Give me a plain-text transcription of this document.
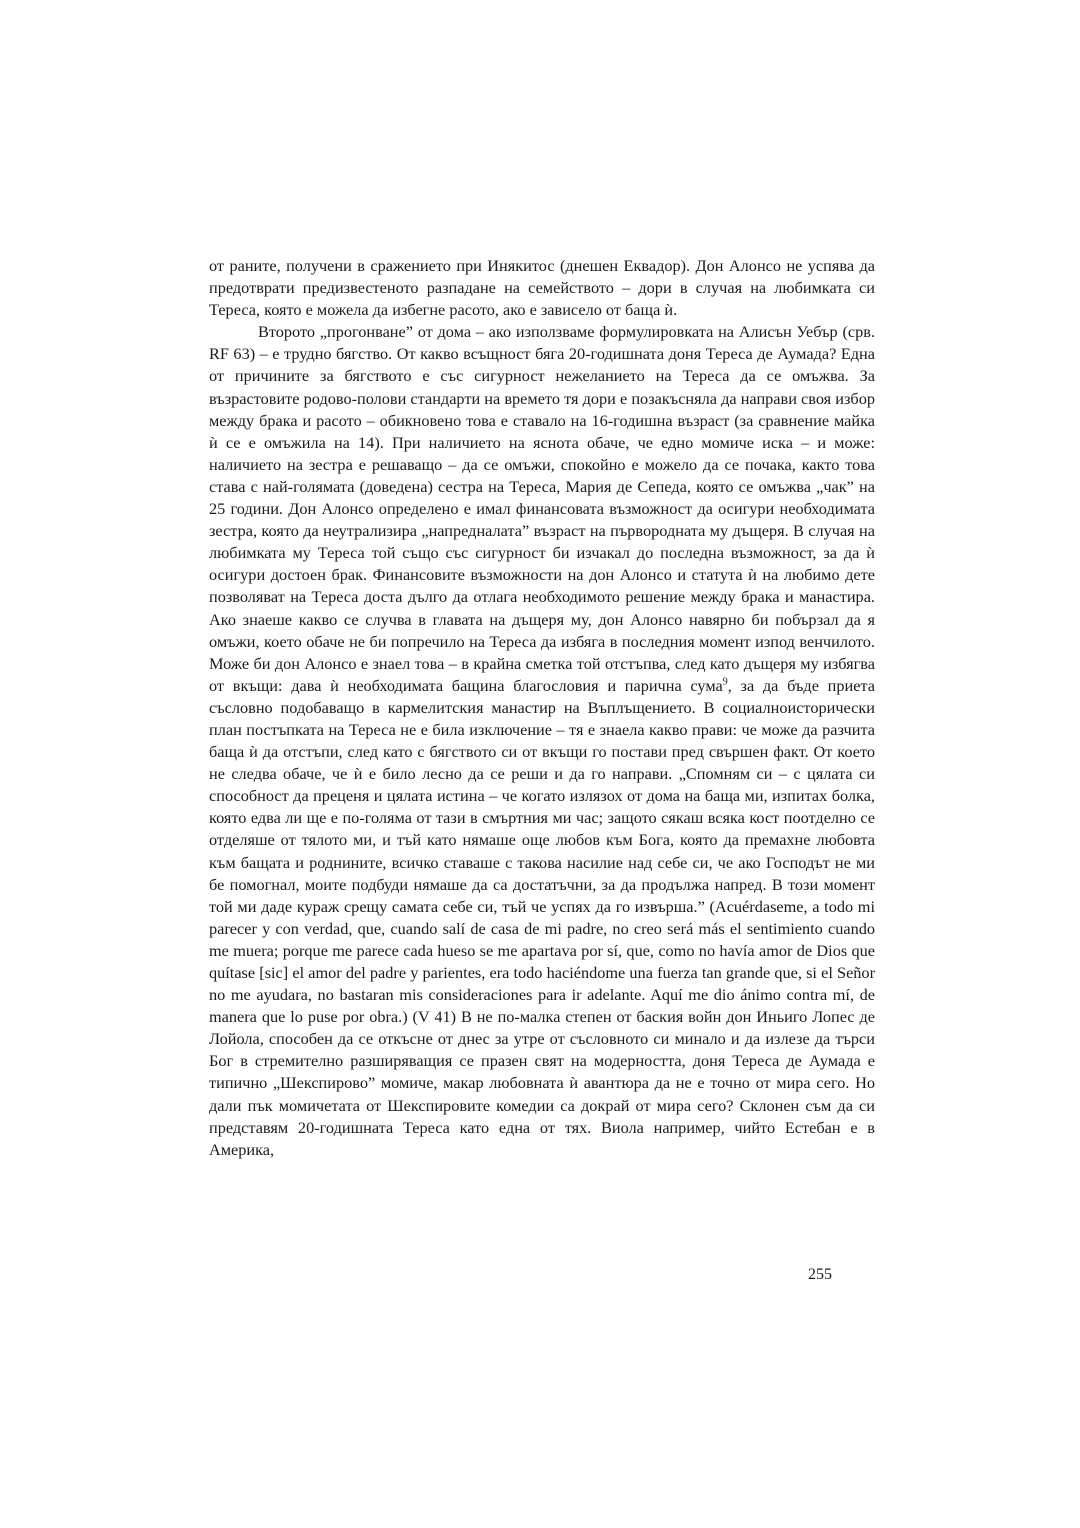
от раните, получени в сражението при Инякитос (днешен Еквадор). Дон Алонсо не успява да предотврати предизвестеното разпадане на семейството – дори в случая на любимката си Тереса, която е можела да избегне расото, ако е зависело от баща ѝ.

Второто „прогонване” от дома – ако използваме формулировката на Алисън Уебър (срв. RF 63) – е трудно бягство. От какво всъщност бяга 20-годишната доня Тереса де Аумада? Една от причините за бягството е със сигурност нежеланието на Тереса да се омъжва. За възрастовите родово-полови стандарти на времето тя дори е позакъсняла да направи своя избор между брака и расото – обикновено това е ставало на 16-годишна възраст (за сравнение майка ѝ се е омъжила на 14). При наличието на яснота обаче, че едно момиче иска – и може: наличието на зестра е решаващо – да се омъжи, спокойно е можело да се почака, както това става с най-голямата (доведена) сестра на Тереса, Мария де Сепеда, която се омъжва „чак” на 25 години. Дон Алонсо определено е имал финансовата възможност да осигури необходимата зестра, която да неутрализира „напредналата” възраст на първородната му дъщеря. В случая на любимката му Тереса той също със сигурност би изчакал до последна възможност, за да ѝ осигури достоен брак. Финансовите възможности на дон Алонсо и статута ѝ на любимо дете позволяват на Тереса доста дълго да отлага необходимото решение между брака и манастира. Ако знаеше какво се случва в главата на дъщеря му, дон Алонсо навярно би побързал да я омъжи, което обаче не би попречило на Тереса да избяга в последния момент изпод венчилото. Може би дон Алонсо е знаел това – в крайна сметка той отстъпва, след като дъщеря му избягва от вкъщи: дава ѝ необходимата бащина благословия и парична сума$^9$, за да бъде приета съсловно подобаващо в кармелитския манастир на Въплъщението. В социалноисторически план постъпката на Тереса не е била изключение – тя е знаела какво прави: че може да разчита баща ѝ да отстъпи, след като с бягството си от вкъщи го постави пред свършен факт. От което не следва обаче, че ѝ е било лесно да се реши и да го направи. „Спомням си – с цялата си способност да преценя и цялата истина – че когато излязох от дома на баща ми, изпитах болка, която едва ли ще е по-голяма от тази в смъртния ми час; защото сякаш всяка кост поотделно се отделяше от тялото ми, и тъй като нямаше още любов към Бога, която да премахне любовта към бащата и роднините, всичко ставаше с такова насилие над себе си, че ако Господът не ми бе помогнал, моите подбуди нямаше да са достатъчни, за да продължа напред. В този момент той ми даде кураж срещу самата себе си, тъй че успях да го извърша.” (Acuérdaseme, a todo mi parecer y con verdad, que, cuando salí de casa de mi padre, no creo será más el sentimiento cuando me muera; porque me parece cada hueso se me apartava por sí, que, como no havía amor de Dios que quítase [sic] el amor del padre y parientes, era todo haciéndome una fuerza tan grande que, si el Señor no me ayudara, no bastaran mis consideraciones para ir adelante. Aquí me dio ánimo contra mí, de manera que lo puse por obra.) (V 41) В не по-малка степен от баския войн дон Иньиго Лопес де Лойола, способен да се откъсне от днес за утре от съсловното си минало и да излезе да търси Бог в стремително разширяващия се празен свят на модерността, доня Тереса де Аумада е типично „Шекспирово” момиче, макар любовната ѝ авантюра да не е точно от мира сего. Но дали пък момичетата от Шекспировите комедии са докрай от мира сего? Склонен съм да си представям 20-годишната Тереса като една от тях. Виола например, чийто Естебан е в Америка,

255
